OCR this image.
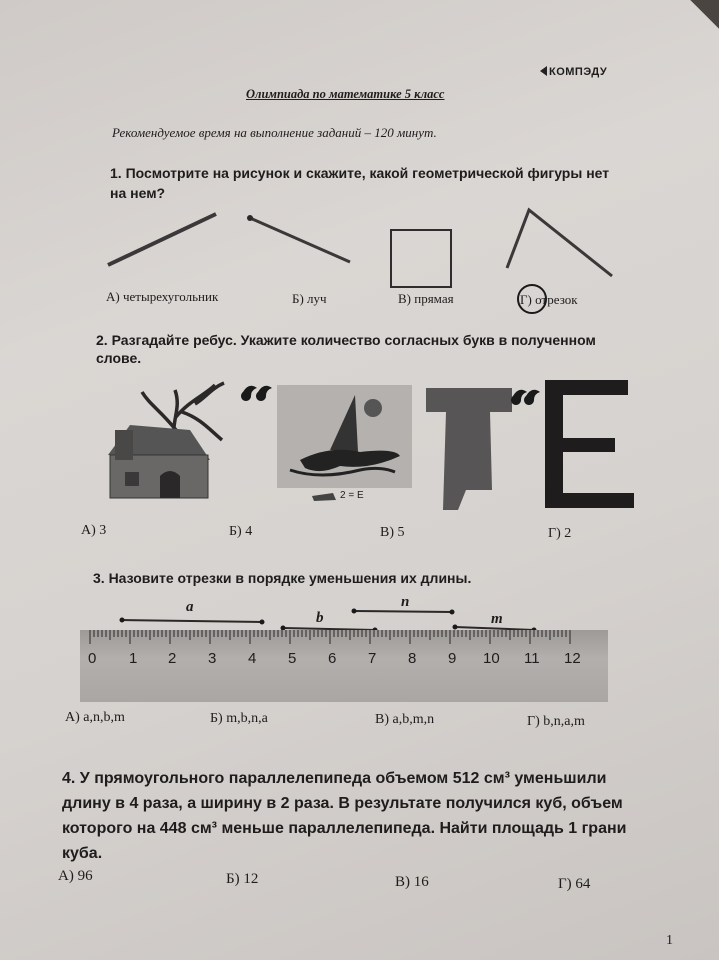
КОМПЭДУ
Олимпиада по математике 5 класс
Рекомендуемое время на выполнение заданий – 120 минут.
1. Посмотрите на рисунок и скажите, какой геометрической фигуры нет
на нем?
А) четырехугольник	Б) луч	В) прямая	Г) отрезок
2. Разгадайте ребус. Укажите количество согласных букв в полученном
слове.
2 = Е
А) 3	Б) 4	В) 5	Г) 2
3. Назовите отрезки в порядке уменьшения их длины.
a
b
n
m
0 1 2 3 4 5 6 7 8 9 10 11 12
А) a,n,b,m	Б) m,b,n,a	В) a,b,m,n	Г) b,n,a,m
4. У прямоугольного параллелепипеда объемом 512 см³ уменьшили
длину в 4 раза, а ширину в 2 раза. В результате получился куб, объем
которого на 448 см³ меньше параллелепипеда. Найти площадь 1 грани
куба.
А) 96	Б) 12	В) 16	Г) 64
1
